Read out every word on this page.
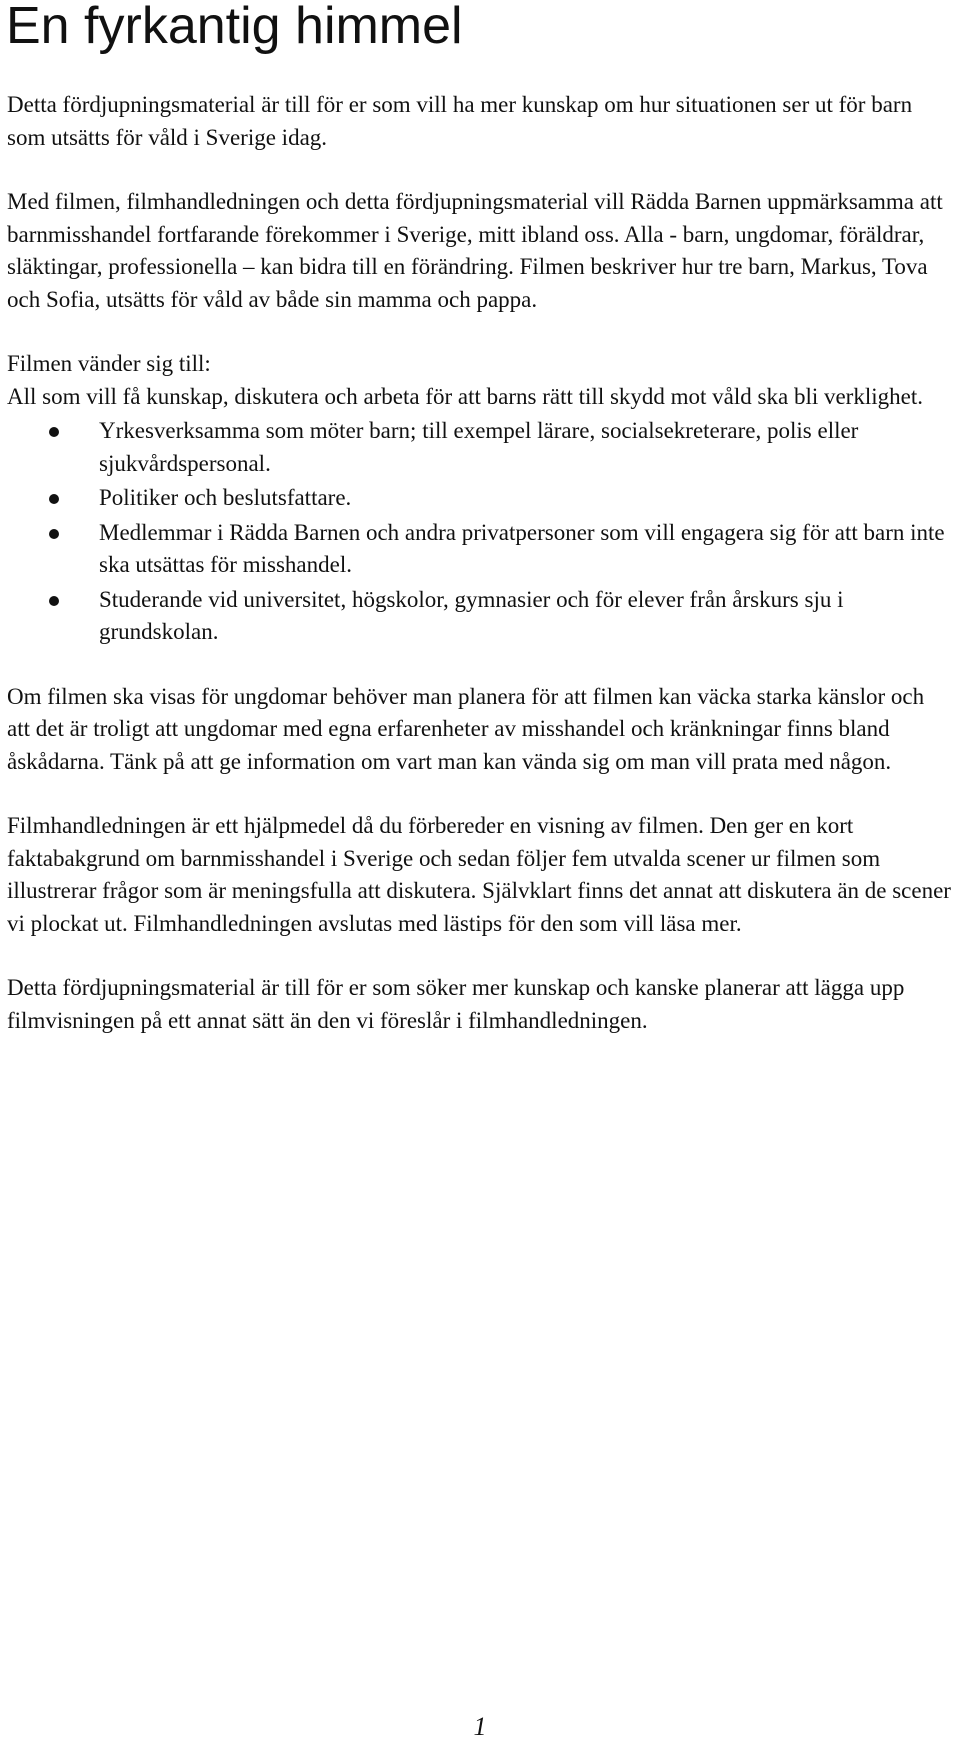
En fyrkantig himmel

Detta fördjupningsmaterial är till för er som vill ha mer kunskap om hur situationen ser ut för barn som utsätts för våld i Sverige idag.

Med filmen, filmhandledningen och detta fördjupningsmaterial vill Rädda Barnen uppmärksamma att barnmisshandel fortfarande förekommer i Sverige, mitt ibland oss. Alla - barn, ungdomar, föräldrar, släktingar, professionella – kan bidra till en förändring. Filmen beskriver hur tre barn, Markus, Tova och Sofia, utsätts för våld av både sin mamma och pappa.

Filmen vänder sig till:

All som vill få kunskap, diskutera och arbeta för att barns rätt till skydd mot våld ska bli verklighet.

Yrkesverksamma som möter barn; till exempel lärare, socialsekreterare, polis eller sjukvårdspersonal.
Politiker och beslutsfattare.
Medlemmar i Rädda Barnen och andra privatpersoner som vill engagera sig för att barn inte ska utsättas för misshandel.
Studerande vid universitet, högskolor, gymnasier och för elever från årskurs sju i grundskolan.

Om filmen ska visas för ungdomar behöver man planera för att filmen kan väcka starka känslor och att det är troligt att ungdomar med egna erfarenheter av misshandel och kränkningar finns bland åskådarna. Tänk på att ge information om vart man kan vända sig om man vill prata med någon.

Filmhandledningen är ett hjälpmedel då du förbereder en visning av filmen. Den ger en kort faktabakgrund om barnmisshandel i Sverige och sedan följer fem utvalda scener ur filmen som illustrerar frågor som är meningsfulla att diskutera. Självklart finns det annat att diskutera än de scener vi plockat ut. Filmhandledningen avslutas med lästips för den som vill läsa mer.

Detta fördjupningsmaterial är till för er som söker mer kunskap och kanske planerar att lägga upp filmvisningen på ett annat sätt än den vi föreslår i filmhandledningen.

1
